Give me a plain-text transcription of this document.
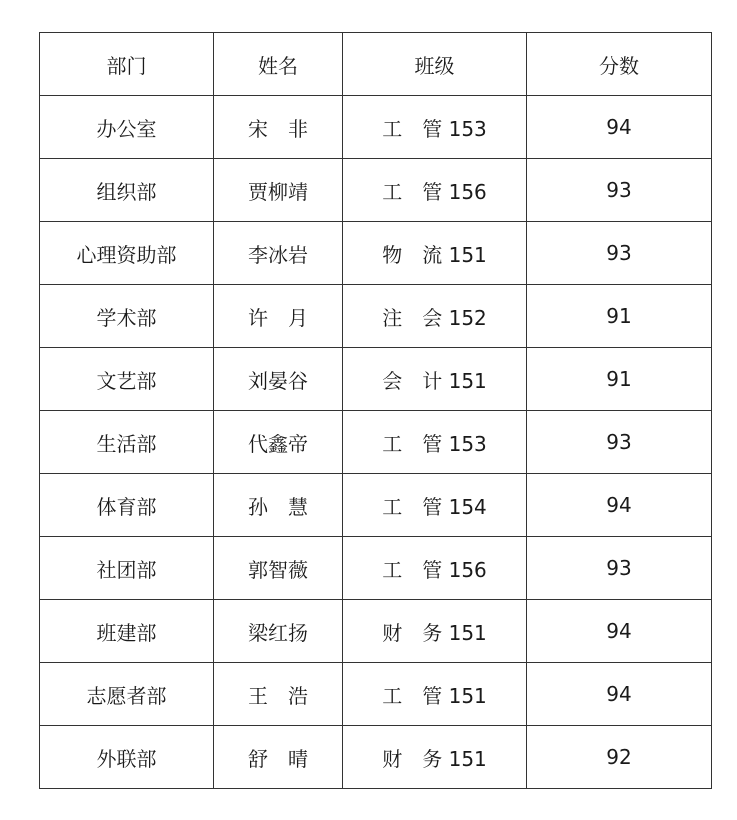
部门	姓名	班级	分数
办公室	宋　非	工　管 153	94
组织部	贾柳靖	工　管 156	93
心理资助部	李冰岩	物　流 151	93
学术部	许　月	注　会 152	91
文艺部	刘晏谷	会　计 151	91
生活部	代鑫帝	工　管 153	93
体育部	孙　慧	工　管 154	94
社团部	郭智薇	工　管 156	93
班建部	梁红扬	财　务 151	94
志愿者部	王　浩	工　管 151	94
外联部	舒　晴	财　务 151	92
